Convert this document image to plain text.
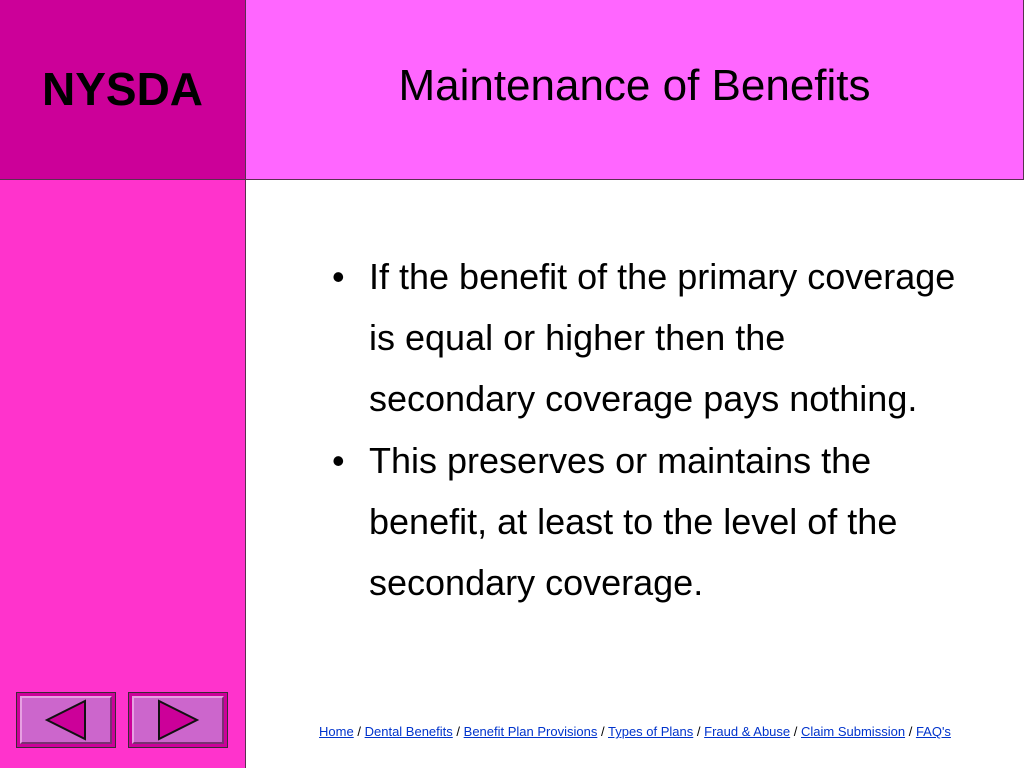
NYSDA	Maintenance of Benefits
• If the benefit of the primary coverage is equal or higher then the secondary coverage pays nothing.
• This preserves or maintains the benefit, at least to the level of the secondary coverage.
Home / Dental Benefits / Benefit Plan Provisions / Types of Plans / Fraud & Abuse / Claim Submission / FAQ's
